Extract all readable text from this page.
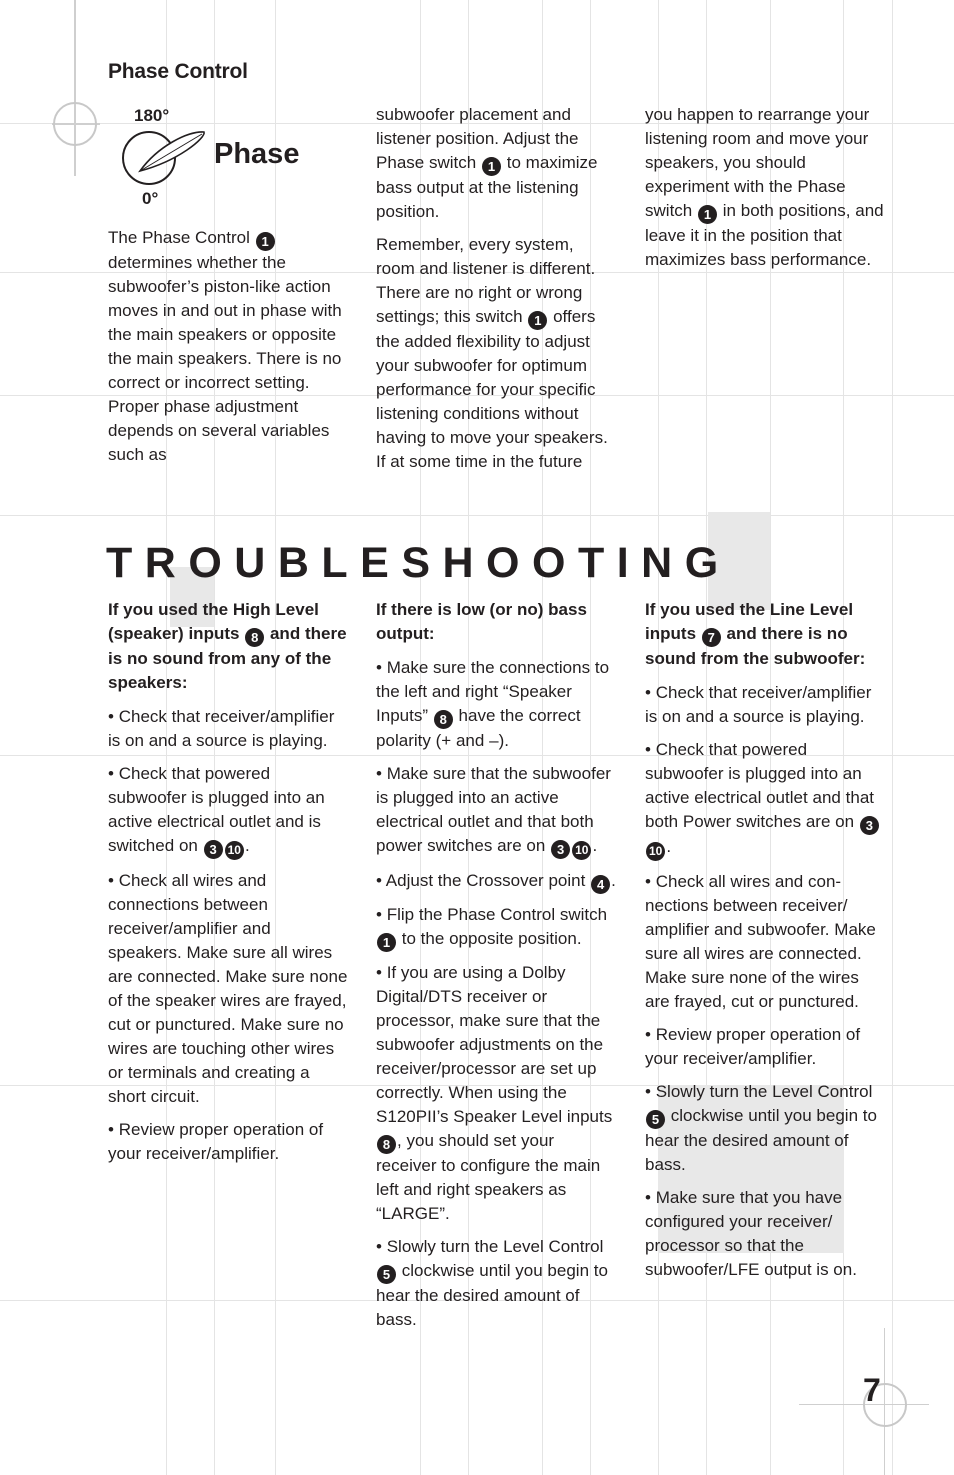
Phase Control
180°
0°
Phase

The Phase Control 1 determines whether the subwoofer’s piston-like action moves in and out in phase with the main speakers or opposite the main speakers. There is no correct or incorrect setting. Proper phase adjustment depends on several variables such as

subwoofer placement and listener position. Adjust the Phase switch 1 to maximize bass output at the listening position.

Remember, every system, room and listener is different. There are no right or wrong settings; this switch 1 offers the added flexibility to adjust your subwoofer for optimum performance for your specific listening conditions without having to move your speakers. If at some time in the future

you happen to rearrange your listening room and move your speakers, you should experiment with the Phase switch 1 in both positions, and leave it in the position that maximizes bass performance.

TROUBLESHOOTING

If you used the High Level (speaker) inputs 8 and there is no sound from any of the speakers:

• Check that receiver/amplifier is on and a source is playing.

• Check that powered subwoofer is plugged into an active electrical outlet and is switched on 3 10 .

• Check all wires and connections between receiver/amplifier and speakers. Make sure all wires are connected. Make sure none of the speaker wires are frayed, cut or punctured. Make sure no wires are touching other wires or terminals and creating a short circuit.

• Review proper operation of your receiver/amplifier.

If there is low (or no) bass output:

• Make sure the connections to the left and right “Speaker Inputs” 8 have the correct polarity (+ and –).

• Make sure that the subwoofer is plugged into an active electrical outlet and that both power switches are on 3 10 .

• Adjust the Crossover point 4 .

• Flip the Phase Control switch 1 to the opposite position.

• If you are using a Dolby Digital/DTS receiver or processor, make sure that the subwoofer adjustments on the receiver/processor are set up correctly. When using the S120PII’s Speaker Level inputs 8 , you should set your receiver to configure the main left and right speakers as “LARGE”.

• Slowly turn the Level Control 5 clockwise until you begin to hear the desired amount of bass.

If you used the Line Level inputs 7 and there is no sound from the subwoofer:

• Check that receiver/amplifier is on and a source is playing.

• Check that powered subwoofer is plugged into an active electrical outlet and that both Power switches are on 310 .

• Check all wires and con-nections between receiver/ amplifier and subwoofer. Make sure all wires are connected. Make sure none of the wires are frayed, cut or punctured.

• Review proper operation of your receiver/amplifier.

• Slowly turn the Level Control 5 clockwise until you begin to hear the desired amount of bass.

• Make sure that you have configured your receiver/ processor so that the subwoofer/LFE output is on.

7
